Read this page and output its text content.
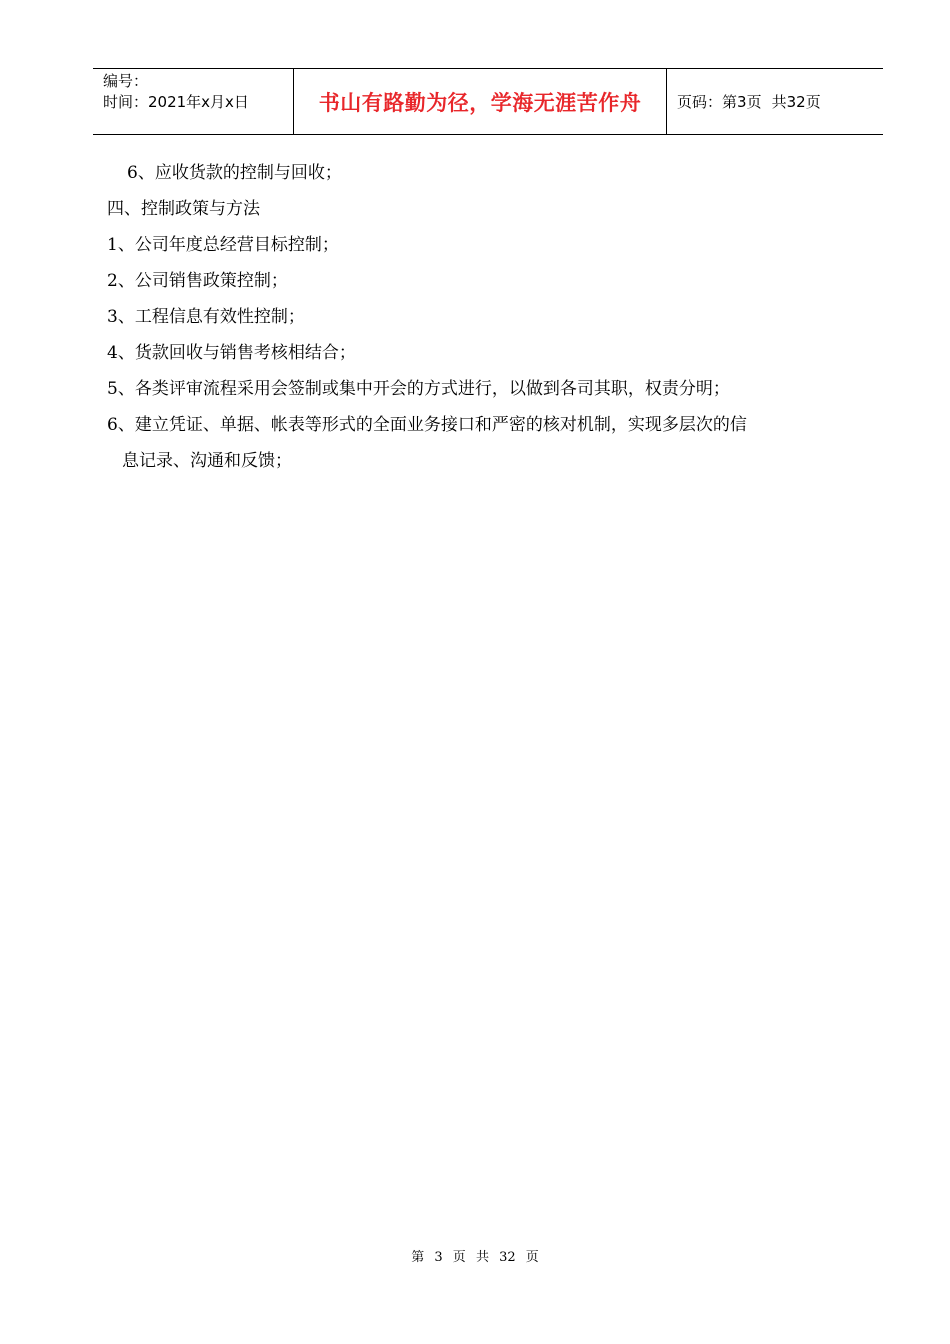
编号：
时间：2021年x月x日	书山有路勤为径，学海无涯苦作舟 页码：第 3 页 共 32 页
6、应收货款的控制与回收；
四、控制政策与方法
1、公司年度总经营目标控制；
2、公司销售政策控制；
3、工程信息有效性控制；
4、货款回收与销售考核相结合；
5、各类评审流程采用会签制或集中开会的方式进行，以做到各司其职，权责分明；
6、建立凭证、单据、帐表等形式的全面业务接口和严密的核对机制，实现多层次的信
息记录、沟通和反馈；
第 3 页 共 32 页
